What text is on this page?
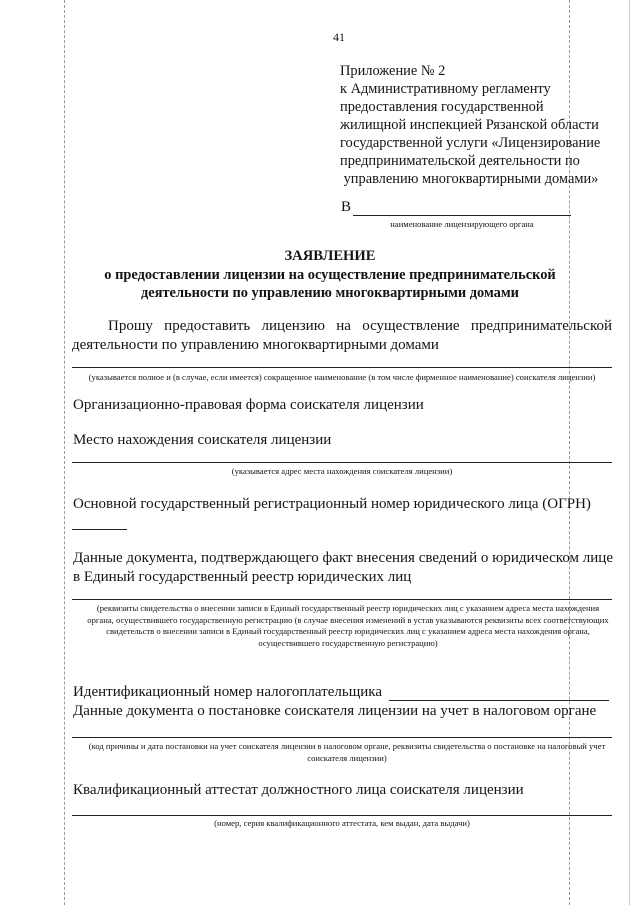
41
Приложение № 2
к Административному регламенту
предоставления государственной
жилищной инспекцией Рязанской области
государственной услуги «Лицензирование
предпринимательской деятельности по
управлению многоквартирными домами»
В
наименование лицензирующего органа
ЗАЯВЛЕНИЕ
о предоставлении лицензии на осуществление предпринимательской
деятельности по управлению многоквартирными домами
Прошу предоставить лицензию на осуществление предпринимательской деятельности по управлению многоквартирными домами
(указывается полное и (в случае, если имеется) сокращенное наименование (в том числе фирменное наименование) соискателя лицензии)
Организационно-правовая форма соискателя лицензии
Место нахождения соискателя лицензии
(указывается адрес места нахождения соискателя лицензии)
Основной государственный регистрационный номер юридического лица (ОГРН)
Данные документа, подтверждающего факт внесения сведений о юридическом лице в Единый государственный реестр юридических лиц
(реквизиты свидетельства о внесении записи в Единый государственный реестр юридических лиц с указанием адреса места нахождения органа, осуществившего государственную регистрацию (в случае внесения изменений в устав указываются реквизиты всех соответствующих свидетельств о внесении записи в Единый государственный реестр юридических лиц с указанием адреса места нахождения органа, осуществившего государственную регистрацию)
Идентификационный номер налогоплательщика
Данные документа о постановке соискателя лицензии на учет в налоговом органе
(код причины и дата постановки на учет соискателя лицензии в налоговом органе, реквизиты свидетельства о постановке на налоговый учет соискателя лицензии)
Квалификационный аттестат должностного лица соискателя лицензии
(номер, серия квалификационного аттестата, кем выдан, дата выдачи)
